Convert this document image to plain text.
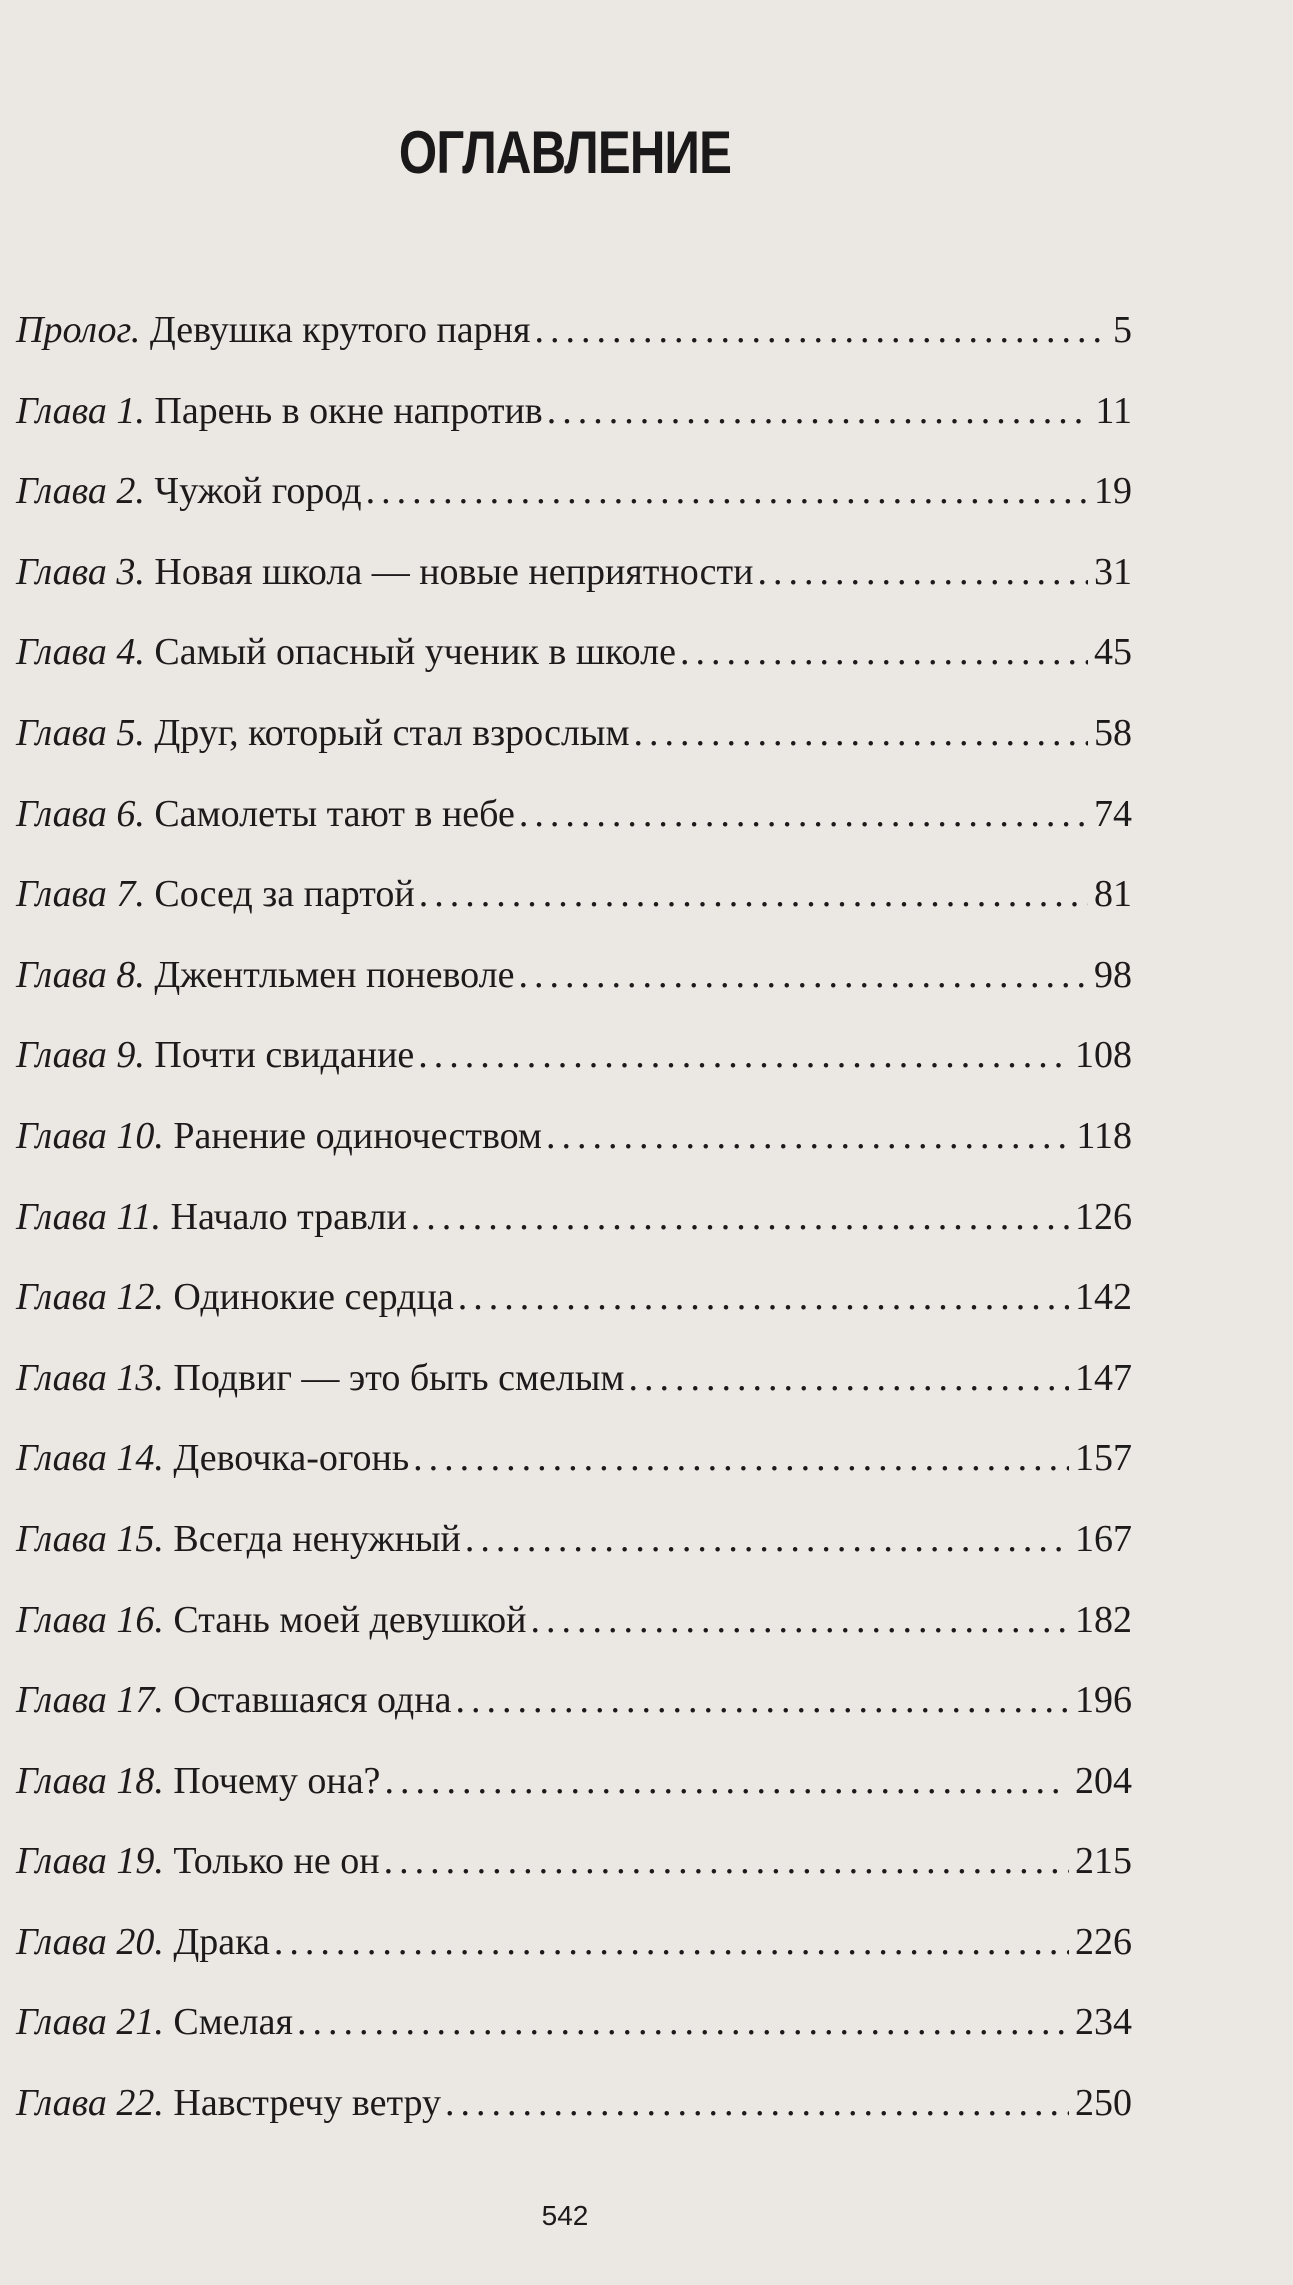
ОГЛАВЛЕНИЕ
Пролог.
Девушка крутого парня .....	5
Глава 1.
Парень в окне напротив .....	11
Глава 2.
Чужой город .....	19
Глава 3.
Новая школа — новые неприятности .....	31
Глава 4.
Самый опасный ученик в школе .....	45
Глава 5.
Друг, который стал взрослым .....	58
Глава 6.
Самолеты тают в небе .....	74
Глава 7.
Сосед за партой .....	81
Глава 8.
Джентльмен поневоле .....	98
Глава 9.
Почти свидание .....	108
Глава 10.
Ранение одиночеством .....	118
Глава 11.
Начало травли .....	126
Глава 12.
Одинокие сердца .....	142
Глава 13.
Подвиг — это быть смелым .....	147
Глава 14.
Девочка-огонь .....	157
Глава 15.
Всегда ненужный .....	167
Глава 16.
Стань моей девушкой .....	182
Глава 17.
Оставшаяся одна .....	196
Глава 18.
Почему она? .....	204
Глава 19.
Только не он .....	215
Глава 20.
Драка .....	226
Глава 21.
Смелая .....	234
Глава 22.
Навстречу ветру .....	250
542
